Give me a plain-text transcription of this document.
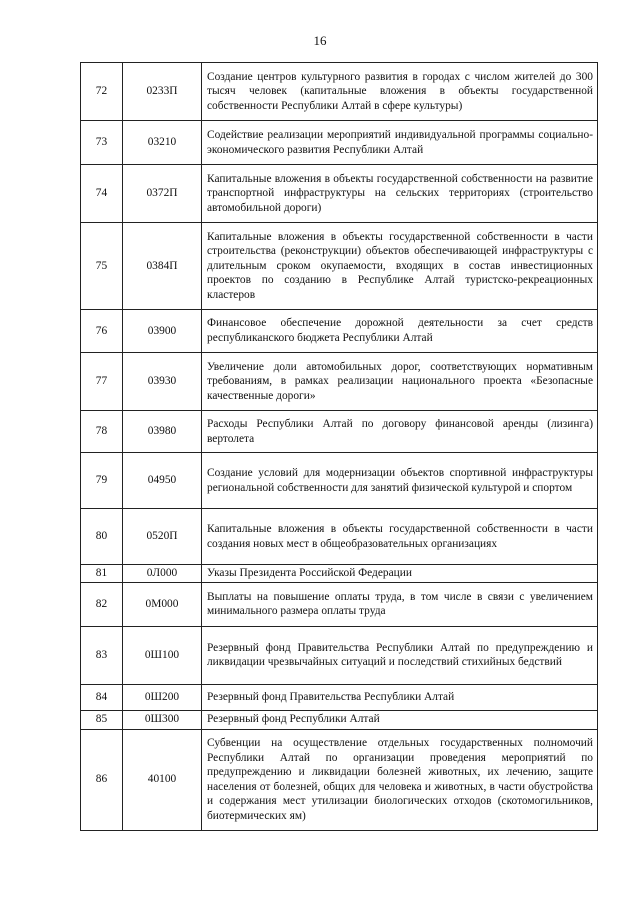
16
72	0233П	Создание центров культурного развития в городах с числом жителей до 300 тысяч человек (капитальные вложения в объекты государственной собственности Республики Алтай в сфере культуры)
73	03210	Содействие реализации мероприятий индивидуальной программы социально-экономического развития Республики Алтай
74	0372П	Капитальные вложения в объекты государственной собственности на развитие транспортной инфраструктуры на сельских территориях (строительство автомобильной дороги)
75	0384П	Капитальные вложения в объекты государственной собственности в части строительства (реконструкции) объектов обеспечивающей инфраструктуры с длительным сроком окупаемости, входящих в состав инвестиционных проектов по созданию в Республике Алтай туристско-рекреационных кластеров
76	03900	Финансовое обеспечение дорожной деятельности за счет средств республиканского бюджета Республики Алтай
77	03930	Увеличение доли автомобильных дорог, соответствующих нормативным требованиям, в рамках реализации национального проекта «Безопасные качественные дороги»
78	03980	Расходы Республики Алтай по договору финансовой аренды (лизинга) вертолета
79	04950	Создание условий для модернизации объектов спортивной инфраструктуры региональной собственности для занятий физической культурой и спортом
80	0520П	Капитальные вложения в объекты государственной собственности в части создания новых мест в общеобразовательных организациях
81	0Л000	Указы Президента Российской Федерации
82	0М000	Выплаты на повышение оплаты труда, в том числе в связи с увеличением минимального размера оплаты труда
83	0Ш100	Резервный фонд Правительства Республики Алтай по предупреждению и ликвидации чрезвычайных ситуаций и последствий стихийных бедствий
84	0Ш200	Резервный фонд Правительства Республики Алтай
85	0Ш300	Резервный фонд Республики Алтай
86	40100	Субвенции на осуществление отдельных государственных полномочий Республики Алтай по организации проведения мероприятий по предупреждению и ликвидации болезней животных, их лечению, защите населения от болезней, общих для человека и животных, в части обустройства и содержания мест утилизации биологических отходов (скотомогильников, биотермических ям)
